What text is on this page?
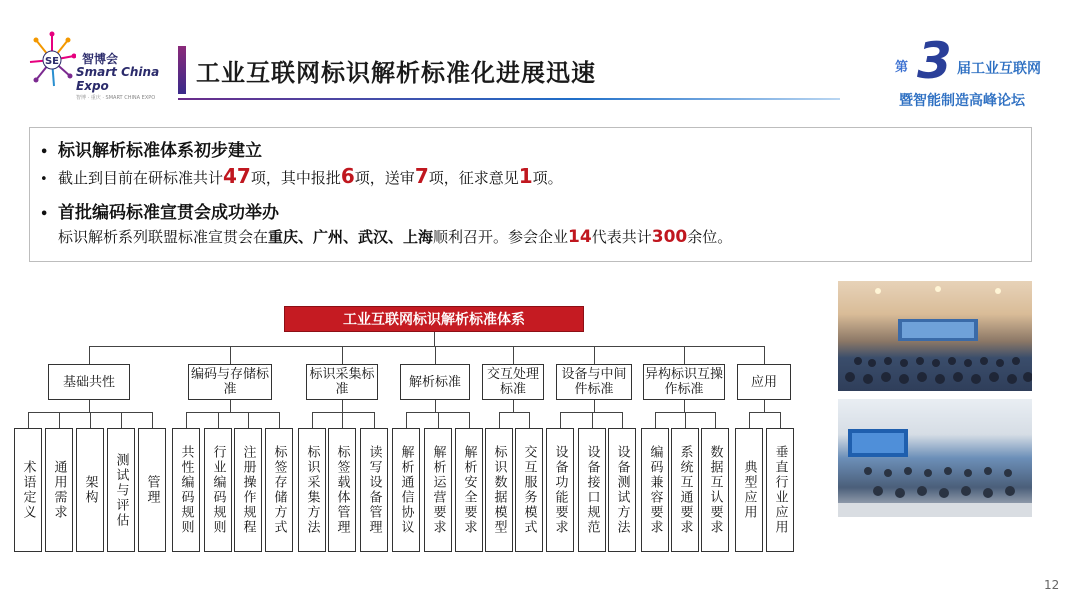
SE 智博会
Smart China
Expo
智博 · 重庆 · SMART CHINA EXPO
工业互联网标识解析标准化进展迅速	第 3 届工业互联网
暨智能制造高峰论坛
• 标识解析标准体系初步建立
• 截止到目前在研标准共计47项，其中报批6项，送审7项，征求意见1项。
• 首批编码标准宣贯会成功举办
标识解析系列联盟标准宣贯会在重庆、广州、武汉、上海顺利召开。参会企业14代表共计300余位。
工业互联网标识解析标准体系
12
基础共性
术语定义	通用需求	架构	测试与评估	管理
编码与存储标准
共性编码规则	行业编码规则	注册操作规程	标签存储方式
标识采集标准
标识采集方法	标签载体管理	读写设备管理
解析标准
解析通信协议	解析运营要求	解析安全要求
交互处理标准
标识数据模型	交互服务模式
设备与中间件标准
设备功能要求	设备接口规范	设备测试方法
异构标识互操作标准
编码兼容要求	系统互通要求	数据互认要求
应用
典型应用	垂直行业应用
